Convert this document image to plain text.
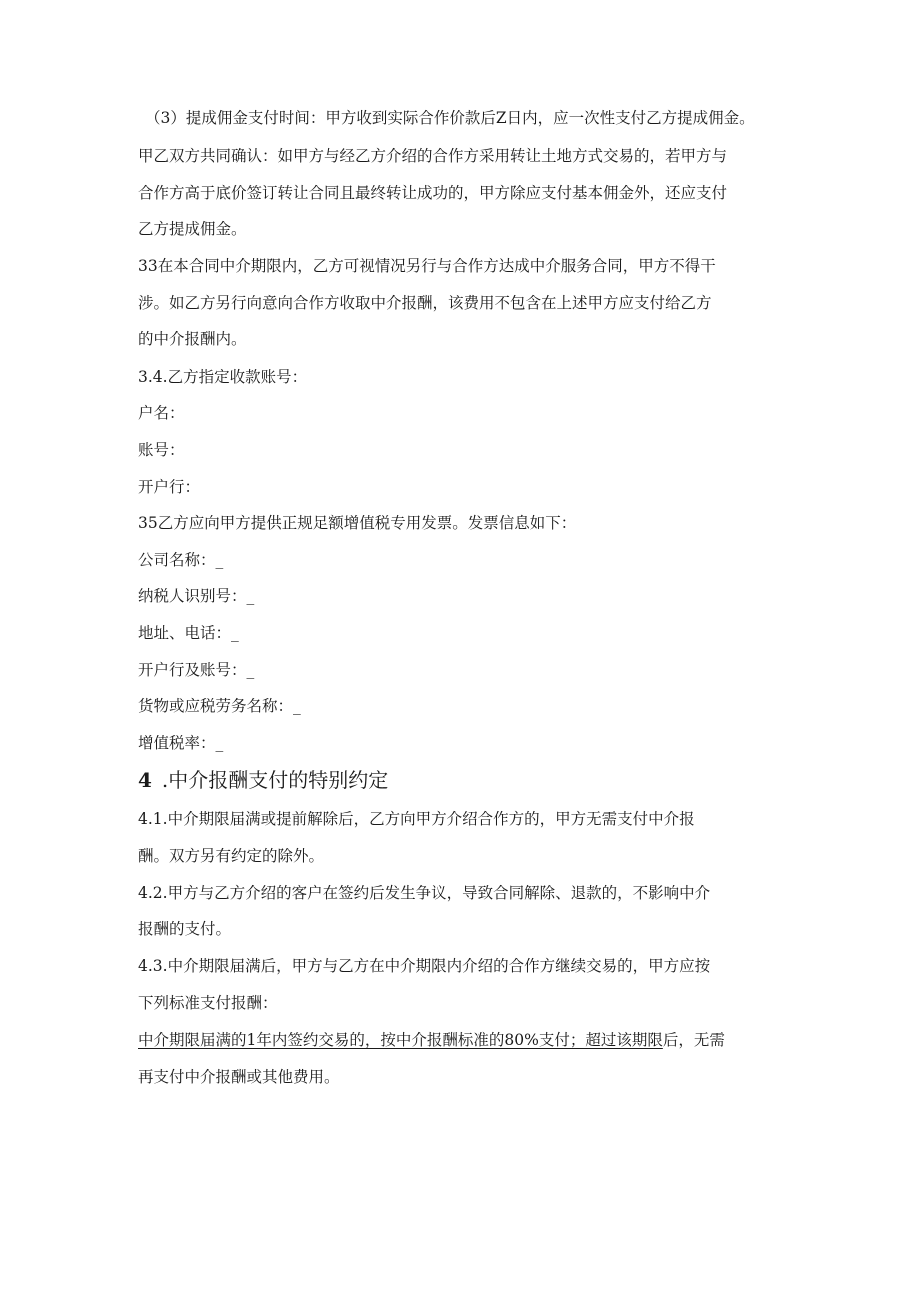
（3）提成佣金支付时间：甲方收到实际合作价款后Z日内，应一次性支付乙方提成佣金。
甲乙双方共同确认：如甲方与经乙方介绍的合作方采用转让土地方式交易的，若甲方与
合作方高于底价签订转让合同且最终转让成功的，甲方除应支付基本佣金外，还应支付
乙方提成佣金。
33在本合同中介期限内，乙方可视情况另行与合作方达成中介服务合同，甲方不得干
涉。如乙方另行向意向合作方收取中介报酬，该费用不包含在上述甲方应支付给乙方
的中介报酬内。
3.4.乙方指定收款账号：
户名：
账号：
开户行：
35乙方应向甲方提供正规足额增值税专用发票。发票信息如下：
公司名称：_
纳税人识别号：_
地址、电话：_
开户行及账号：_
货物或应税劳务名称：_
增值税率：_
4 .中介报酬支付的特别约定
4.1.中介期限届满或提前解除后，乙方向甲方介绍合作方的，甲方无需支付中介报
酬。双方另有约定的除外。
4.2.甲方与乙方介绍的客户在签约后发生争议，导致合同解除、退款的，不影响中介
报酬的支付。
4.3.中介期限届满后，甲方与乙方在中介期限内介绍的合作方继续交易的，甲方应按
下列标准支付报酬：
中介期限届满的1年内签约交易的，按中介报酬标准的80%支付；超过该期限后，无需
再支付中介报酬或其他费用。
